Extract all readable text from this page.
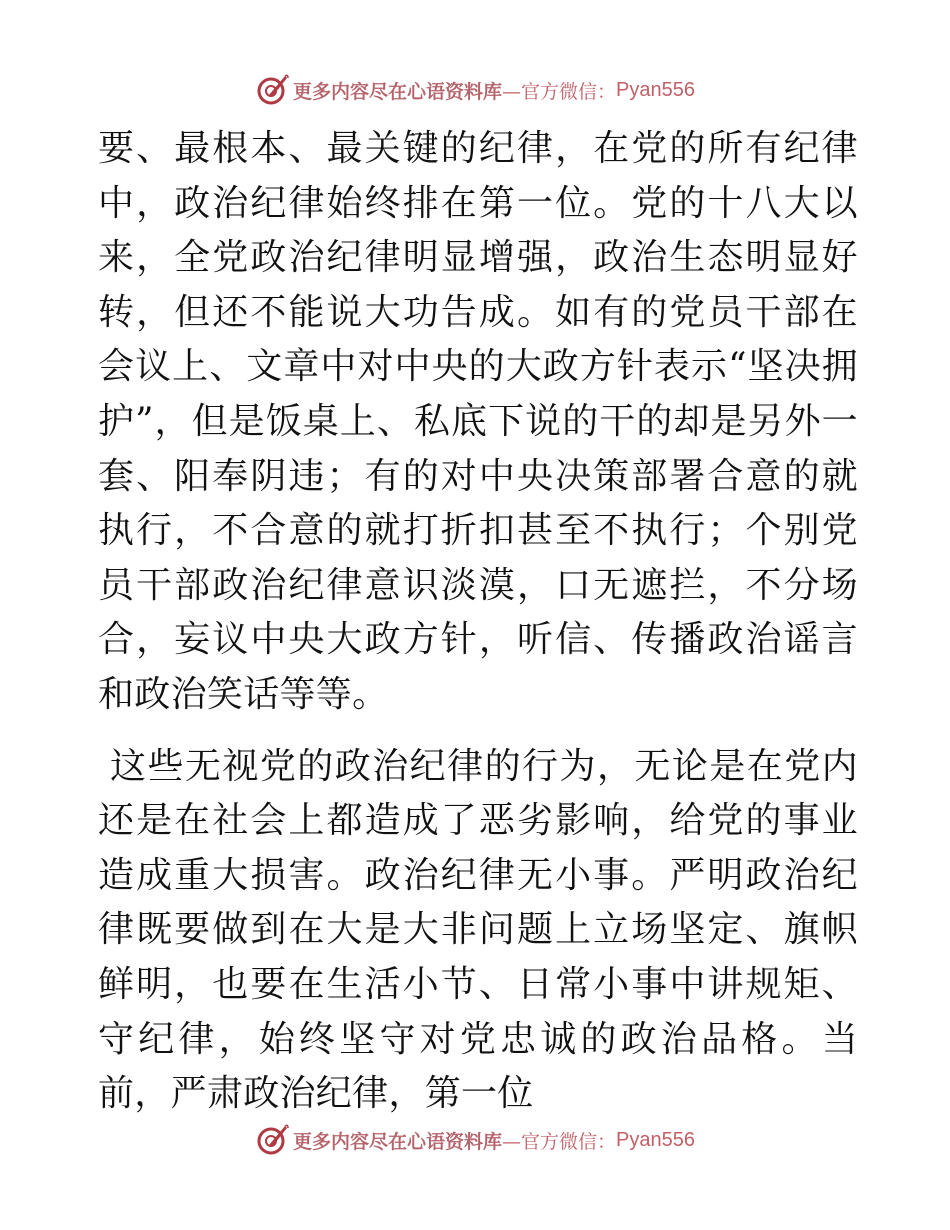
更多内容尽在心语资料库 —官方微信： Pyan556

要、最根本、最关键的纪律，在党的所有纪律中，政治纪律始终排在第一位。党的十八大以来，全党政治纪律明显增强，政治生态明显好转，但还不能说大功告成。如有的党员干部在会议上、文章中对中央的大政方针表示“坚决拥护”，但是饭桌上、私底下说的干的却是另外一套、阳奉阴违；有的对中央决策部署合意的就执行，不合意的就打折扣甚至不执行；个别党员干部政治纪律意识淡漠，口无遮拦，不分场合，妄议中央大政方针，听信、传播政治谣言和政治笑话等等。

这些无视党的政治纪律的行为，无论是在党内还是在社会上都造成了恶劣影响，给党的事业造成重大损害。政治纪律无小事。严明政治纪律既要做到在大是大非问题上立场坚定、旗帜鲜明，也要在生活小节、日常小事中讲规矩、守纪律，始终坚守对党忠诚的政治品格。当前，严肃政治纪律，第一位

更多内容尽在心语资料库 —官方微信： Pyan556
